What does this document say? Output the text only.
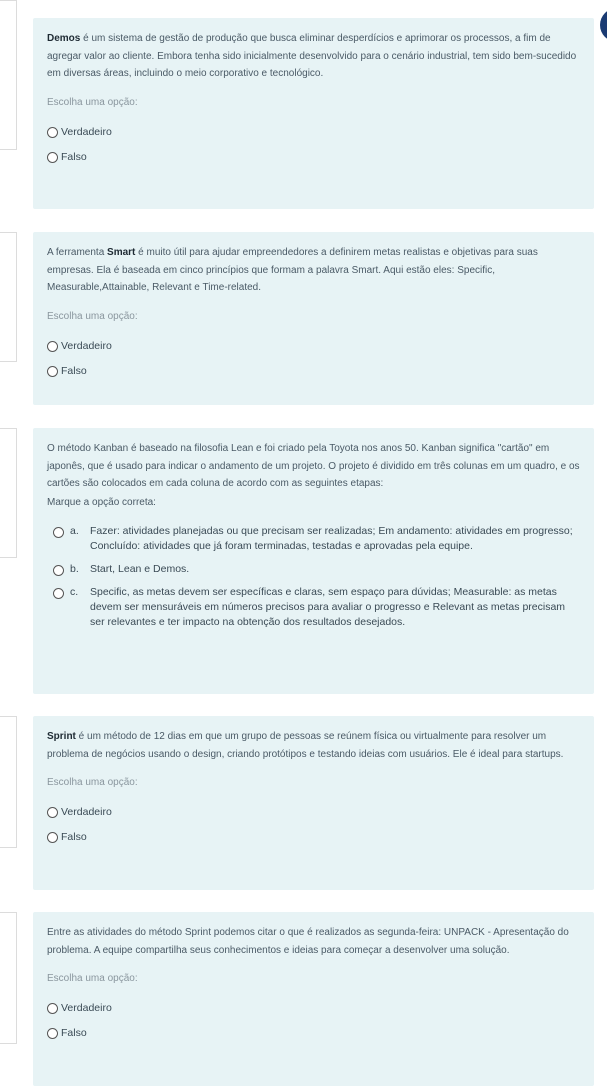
Demos é um sistema de gestão de produção que busca eliminar desperdícios e aprimorar os processos, a fim de agregar valor ao cliente. Embora tenha sido inicialmente desenvolvido para o cenário industrial, tem sido bem-sucedido em diversas áreas, incluindo o meio corporativo e tecnológico.

Escolha uma opção:
Verdadeiro
Falso

A ferramenta Smart é muito útil para ajudar empreendedores a definirem metas realistas e objetivas para suas empresas. Ela é baseada em cinco princípios que formam a palavra Smart. Aqui estão eles: Specific, Measurable,Attainable, Relevant e Time-related.

Escolha uma opção:
Verdadeiro
Falso

O método Kanban é baseado na filosofia Lean e foi criado pela Toyota nos anos 50. Kanban significa "cartão" em japonês, que é usado para indicar o andamento de um projeto. O projeto é dividido em três colunas em um quadro, e os cartões são colocados em cada coluna de acordo com as seguintes etapas:

Marque a opção correta:
a.	Fazer: atividades planejadas ou que precisam ser realizadas; Em andamento: atividades em progresso; Concluído: atividades que já foram terminadas, testadas e aprovadas pela equipe.
b.	Start, Lean e Demos.
c.	Specific, as metas devem ser específicas e claras, sem espaço para dúvidas; Measurable: as metas devem ser mensuráveis em números precisos para avaliar o progresso e Relevant as metas precisam ser relevantes e ter impacto na obtenção dos resultados desejados.

Sprint é um método de 12 dias em que um grupo de pessoas se reúnem física ou virtualmente para resolver um problema de negócios usando o design, criando protótipos e testando ideias com usuários. Ele é ideal para startups.

Escolha uma opção:
Verdadeiro
Falso

Entre as atividades do método Sprint podemos citar o que é realizados as segunda-feira: UNPACK - Apresentação do problema. A equipe compartilha seus conhecimentos e ideias para começar a desenvolver uma solução.

Escolha uma opção:
Verdadeiro
Falso
